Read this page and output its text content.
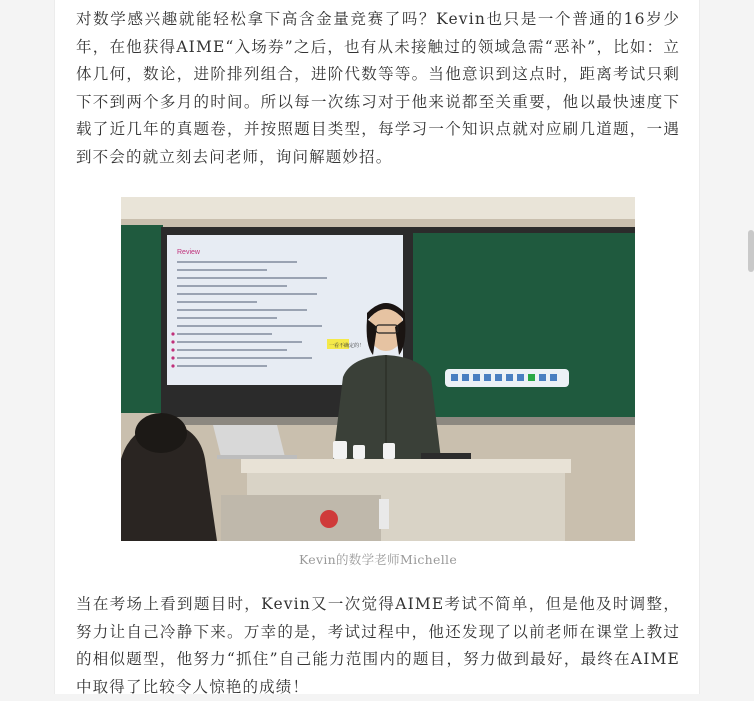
对数学感兴趣就能轻松拿下高含金量竞赛了吗？Kevin也只是一个普通的16岁少年，在他获得AIME“入场券”之后，也有从未接触过的领域急需“恶补”，比如：立体几何，数论，进阶排列组合，进阶代数等等。当他意识到这点时，距离考试只剩下不到两个多月的时间。所以每一次练习对于他来说都至关重要，他以最快速度下载了近几年的真题卷，并按照题目类型，每学习一个知识点就对应刷几道题，一遇到不会的就立刻去问老师，询问解题妙招。

Review
一看不确定的！
Kevin的数学老师Michelle

当在考场上看到题目时，Kevin又一次觉得AIME考试不简单，但是他及时调整，努力让自己冷静下来。万幸的是，考试过程中，他还发现了以前老师在课堂上教过的相似题型，他努力“抓住”自己能力范围内的题目，努力做到最好，最终在AIME中取得了比较令人惊艳的成绩！
